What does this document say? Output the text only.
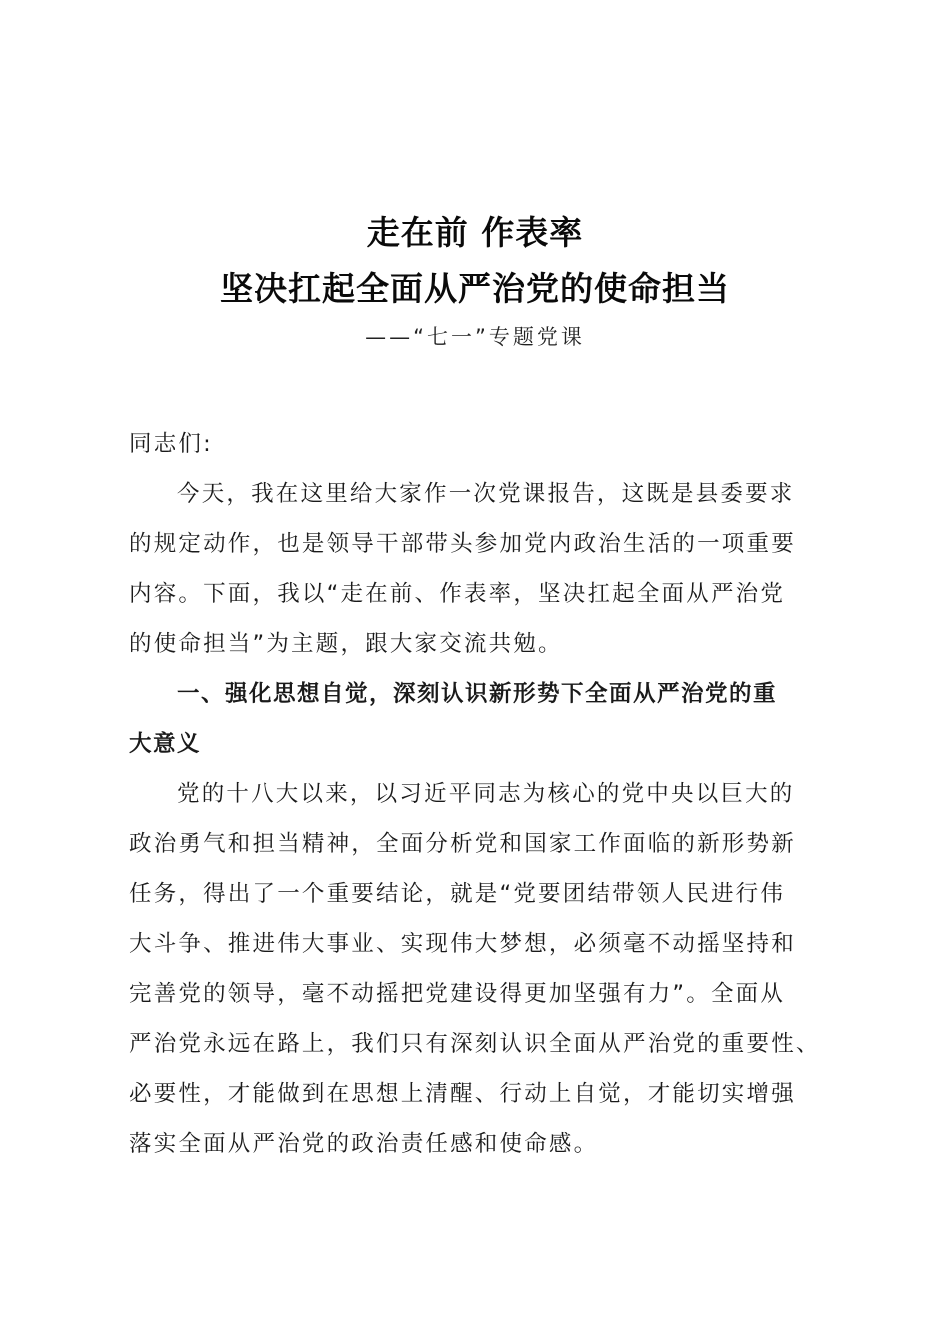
走在前 作表率
坚决扛起全面从严治党的使命担当
——“七一”专题党课
同志们:
今天，我在这里给大家作一次党课报告，这既是县委要求
的规定动作，也是领导干部带头参加党内政治生活的一项重要
内容。下面，我以“走在前、作表率，坚决扛起全面从严治党
的使命担当”为主题，跟大家交流共勉。
一、强化思想自觉，深刻认识新形势下全面从严治党的重
大意义
党的十八大以来，以习近平同志为核心的党中央以巨大的
政治勇气和担当精神，全面分析党和国家工作面临的新形势新
任务，得出了一个重要结论，就是“党要团结带领人民进行伟
大斗争、推进伟大事业、实现伟大梦想，必须毫不动摇坚持和
完善党的领导，毫不动摇把党建设得更加坚强有力”。全面从
严治党永远在路上，我们只有深刻认识全面从严治党的重要性、
必要性，才能做到在思想上清醒、行动上自觉，才能切实增强
落实全面从严治党的政治责任感和使命感。
